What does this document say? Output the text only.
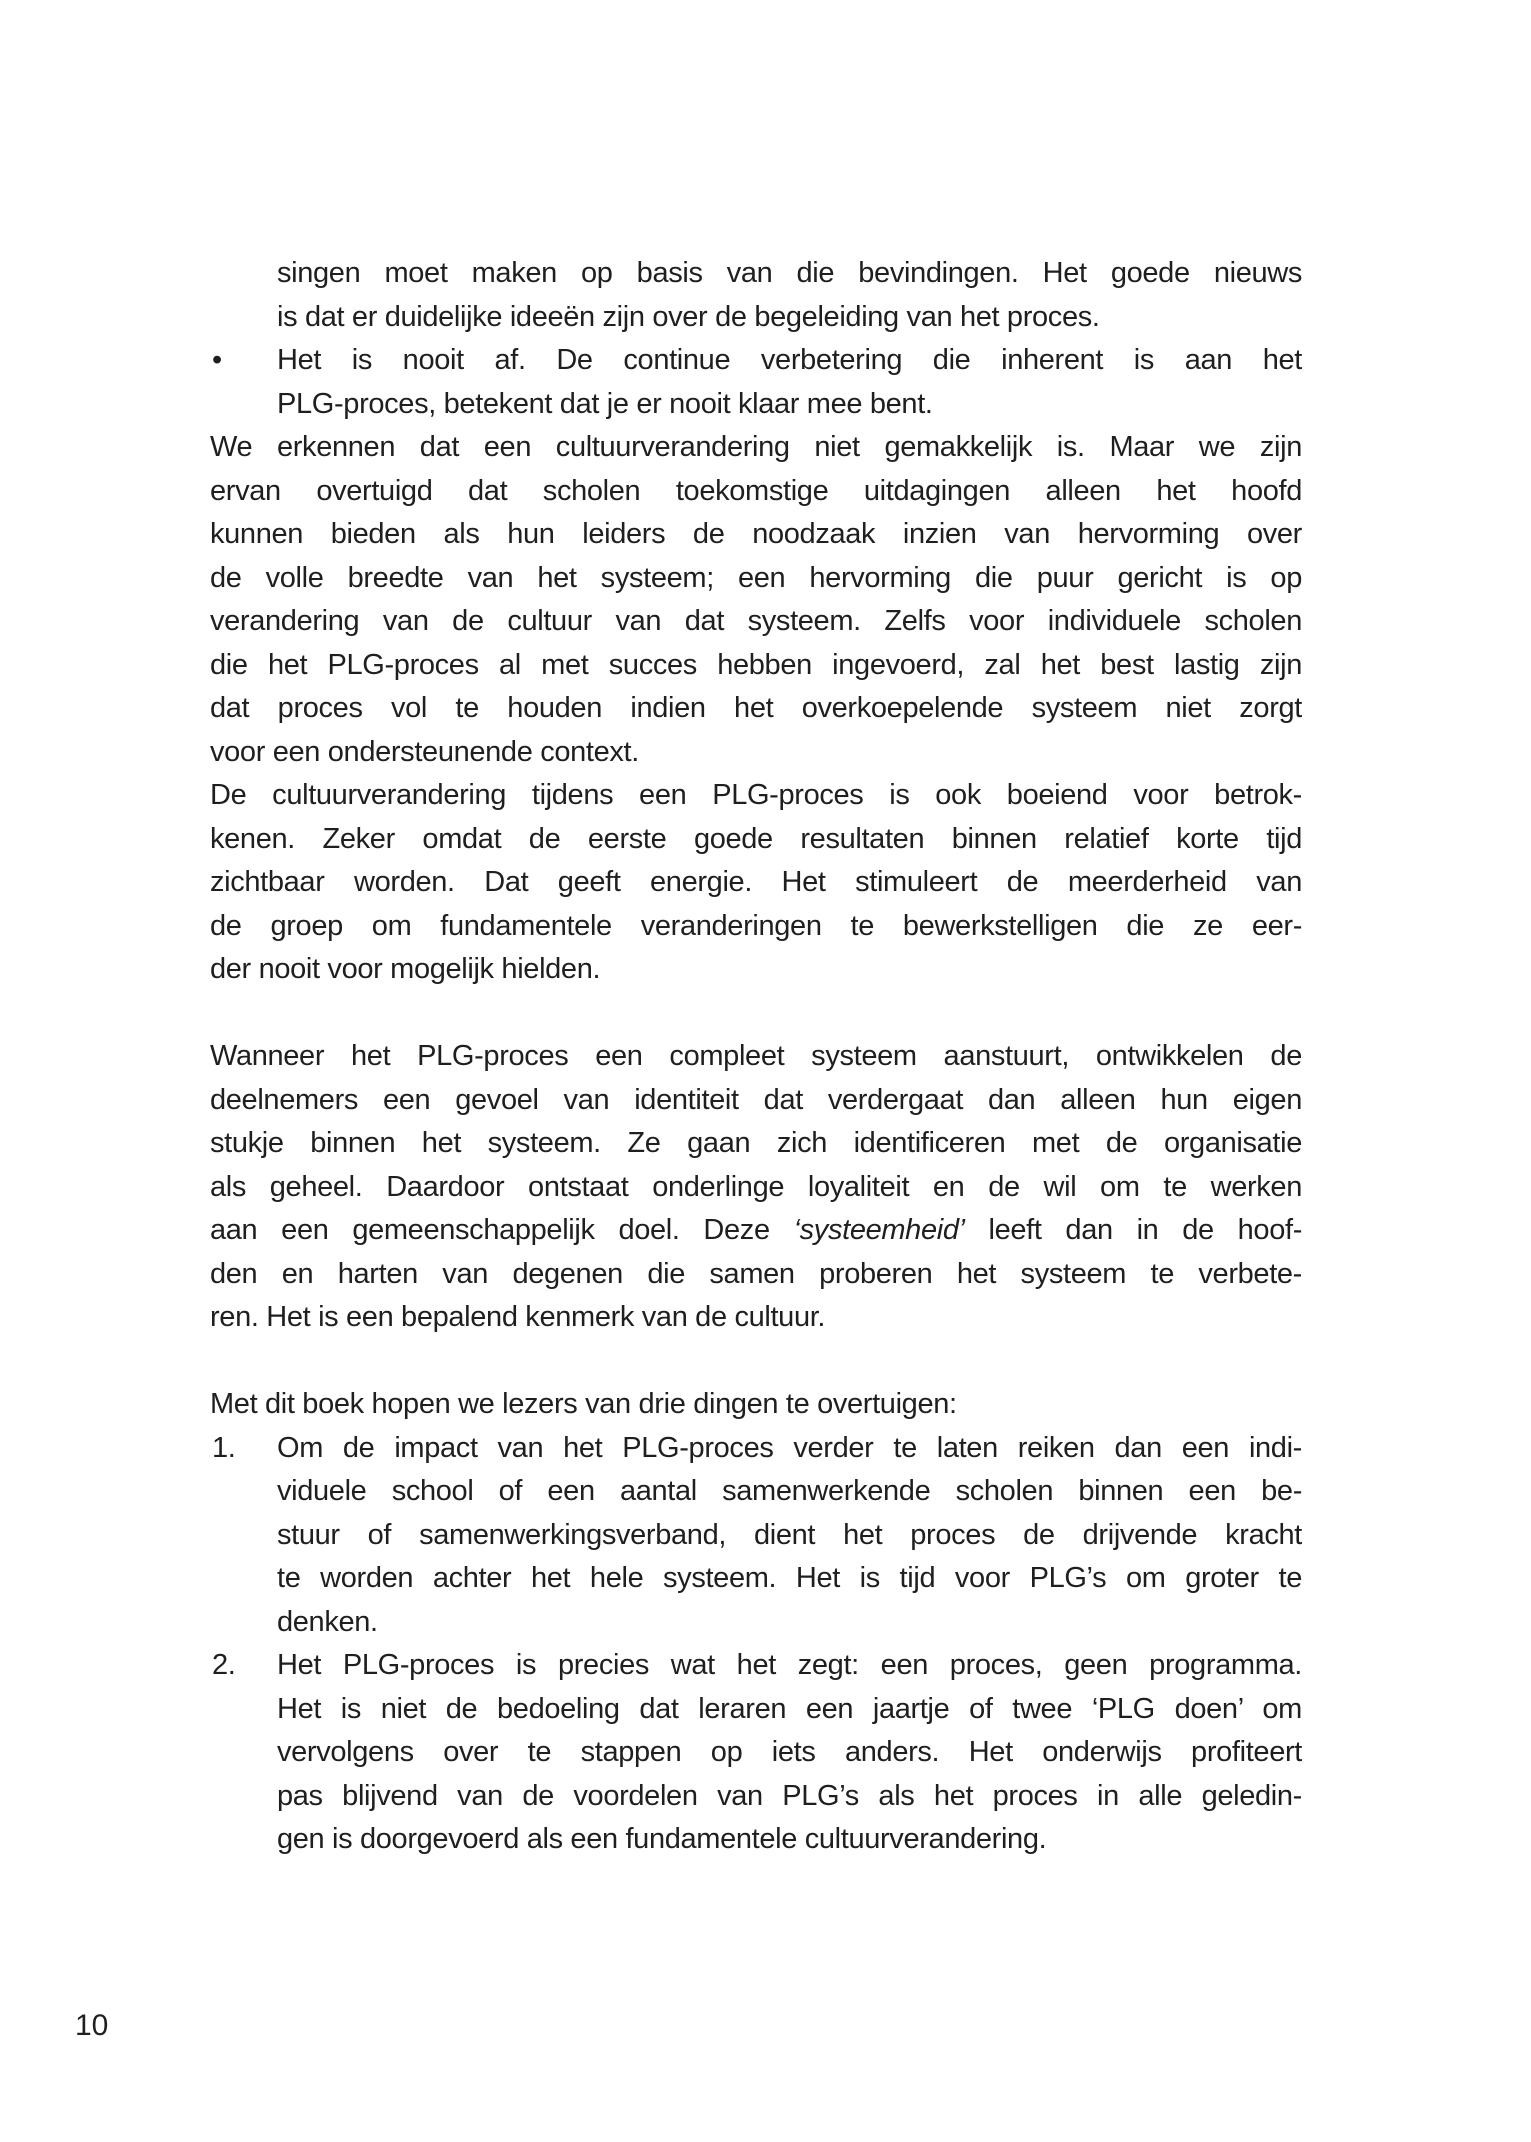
singen moet maken op basis van die bevindingen. Het goede nieuws
is dat er duidelijke ideeën zijn over de begeleiding van het proces.
•	Het is nooit af. De continue verbetering die inherent is aan het
PLG-proces, betekent dat je er nooit klaar mee bent.
We erkennen dat een cultuurverandering niet gemakkelijk is. Maar we zijn
ervan overtuigd dat scholen toekomstige uitdagingen alleen het hoofd
kunnen bieden als hun leiders de noodzaak inzien van hervorming over
de volle breedte van het systeem; een hervorming die puur gericht is op
verandering van de cultuur van dat systeem. Zelfs voor individuele scholen
die het PLG-proces al met succes hebben ingevoerd, zal het best lastig zijn
dat proces vol te houden indien het overkoepelende systeem niet zorgt
voor een ondersteunende context.
De cultuurverandering tijdens een PLG-proces is ook boeiend voor betrok-
kenen. Zeker omdat de eerste goede resultaten binnen relatief korte tijd
zichtbaar worden. Dat geeft energie. Het stimuleert de meerderheid van
de groep om fundamentele veranderingen te bewerkstelligen die ze eer-
der nooit voor mogelijk hielden.
Wanneer het PLG-proces een compleet systeem aanstuurt, ontwikkelen de
deelnemers een gevoel van identiteit dat verdergaat dan alleen hun eigen
stukje binnen het systeem. Ze gaan zich identificeren met de organisatie
als geheel. Daardoor ontstaat onderlinge loyaliteit en de wil om te werken
aan een gemeenschappelijk doel. Deze ‘systeemheid’ leeft dan in de hoof-
den en harten van degenen die samen proberen het systeem te verbete-
ren. Het is een bepalend kenmerk van de cultuur.
Met dit boek hopen we lezers van drie dingen te overtuigen:
1.	Om de impact van het PLG-proces verder te laten reiken dan een indi-
viduele school of een aantal samenwerkende scholen binnen een be-
stuur of samenwerkingsverband, dient het proces de drijvende kracht
te worden achter het hele systeem. Het is tijd voor PLG’s om groter te
denken.
2.	Het PLG-proces is precies wat het zegt: een proces, geen programma.
Het is niet de bedoeling dat leraren een jaartje of twee ‘PLG doen’ om
vervolgens over te stappen op iets anders. Het onderwijs profiteert
pas blijvend van de voordelen van PLG’s als het proces in alle geledin-
gen is doorgevoerd als een fundamentele cultuurverandering.
10
